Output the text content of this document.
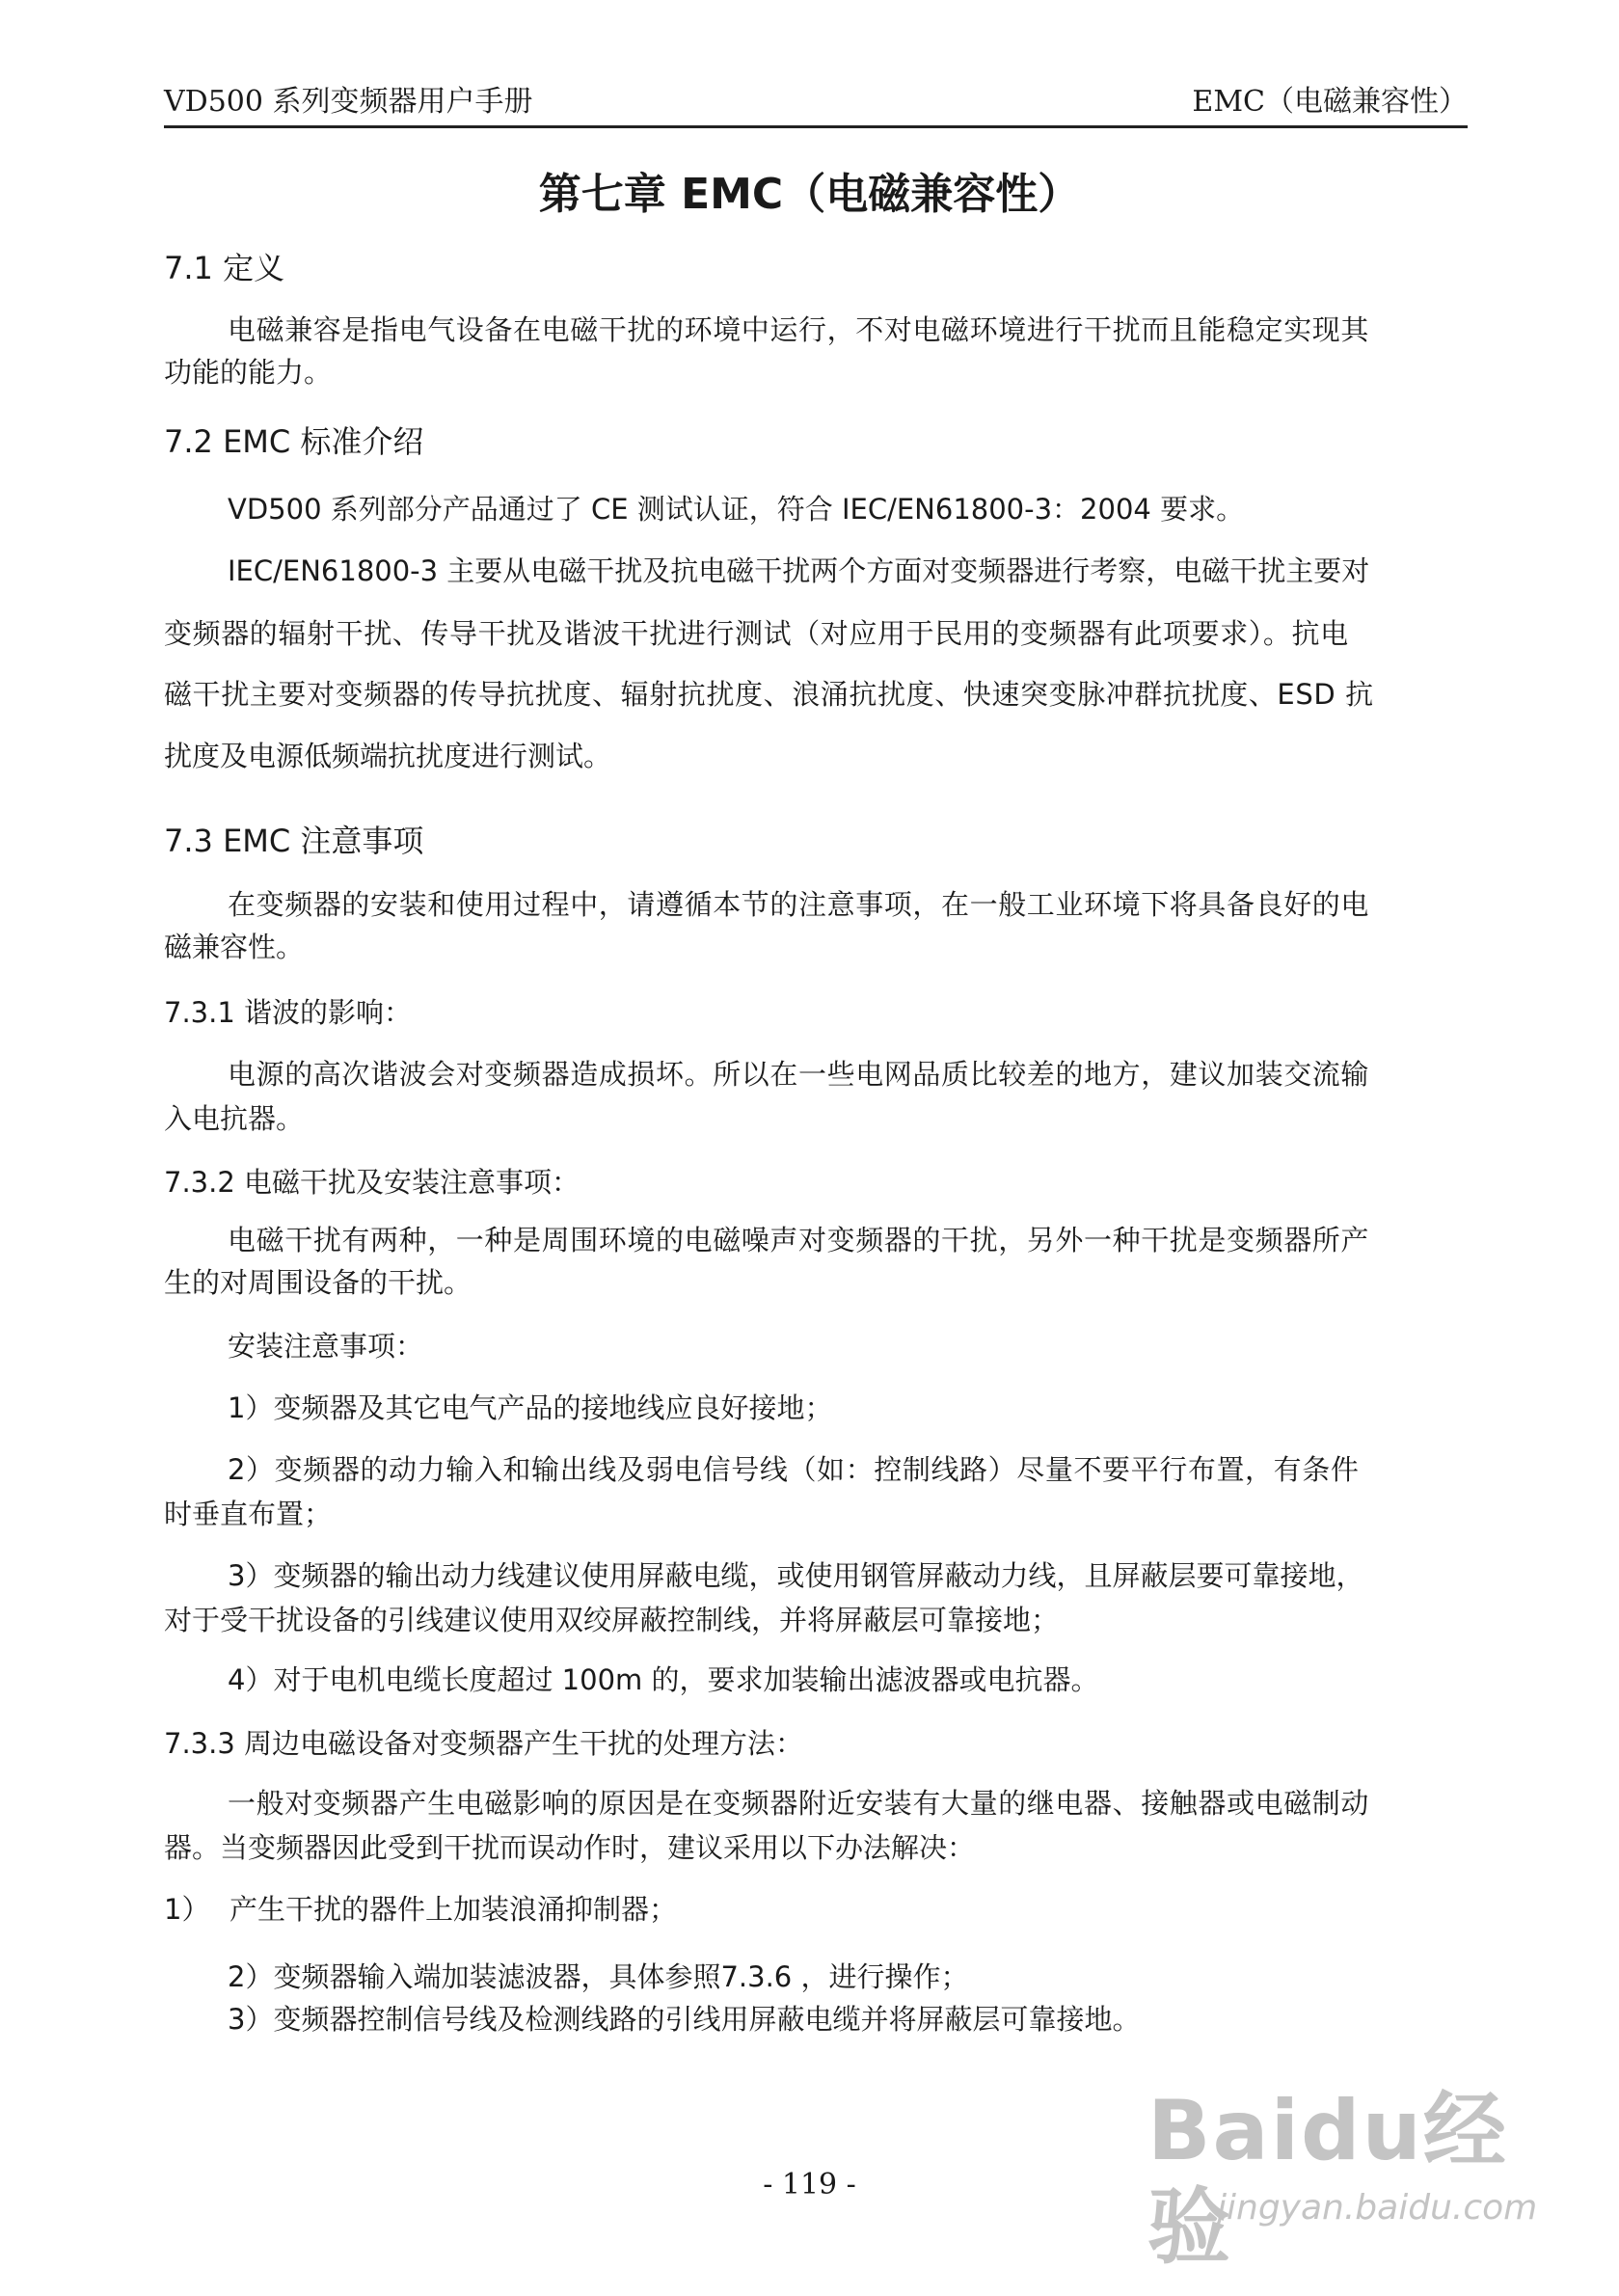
VD500 系列变频器用户手册	EMC（电磁兼容性）
第七章 EMC（电磁兼容性）
7.1 定义
电磁兼容是指电气设备在电磁干扰的环境中运行，不对电磁环境进行干扰而且能稳定实现其
功能的能力。
7.2 EMC 标准介绍
VD500 系列部分产品通过了 CE 测试认证，符合 IEC/EN61800-3：2004 要求。
IEC/EN61800-3 主要从电磁干扰及抗电磁干扰两个方面对变频器进行考察，电磁干扰主要对
变频器的辐射干扰、传导干扰及谐波干扰进行测试（对应用于民用的变频器有此项要求）。抗电
磁干扰主要对变频器的传导抗扰度、辐射抗扰度、浪涌抗扰度、快速突变脉冲群抗扰度、ESD 抗
扰度及电源低频端抗扰度进行测试。
7.3 EMC 注意事项
在变频器的安装和使用过程中，请遵循本节的注意事项，在一般工业环境下将具备良好的电
磁兼容性。
7.3.1 谐波的影响：
电源的高次谐波会对变频器造成损坏。所以在一些电网品质比较差的地方，建议加装交流输
入电抗器。
7.3.2 电磁干扰及安装注意事项：
电磁干扰有两种，一种是周围环境的电磁噪声对变频器的干扰，另外一种干扰是变频器所产
生的对周围设备的干扰。
安装注意事项：
1）变频器及其它电气产品的接地线应良好接地；
2）变频器的动力输入和输出线及弱电信号线（如：控制线路）尽量不要平行布置，有条件
时垂直布置；
3）变频器的输出动力线建议使用屏蔽电缆，或使用钢管屏蔽动力线，且屏蔽层要可靠接地，
对于受干扰设备的引线建议使用双绞屏蔽控制线，并将屏蔽层可靠接地；
4）对于电机电缆长度超过 100m 的，要求加装输出滤波器或电抗器。
7.3.3 周边电磁设备对变频器产生干扰的处理方法：
一般对变频器产生电磁影响的原因是在变频器附近安装有大量的继电器、接触器或电磁制动
器。当变频器因此受到干扰而误动作时，建议采用以下办法解决：
1） 产生干扰的器件上加装浪涌抑制器；
2）变频器输入端加装滤波器，具体参照7.3.6 ，进行操作；
3）变频器控制信号线及检测线路的引线用屏蔽电缆并将屏蔽层可靠接地。
Baidu经验
jingyan.baidu.com
- 119 -
